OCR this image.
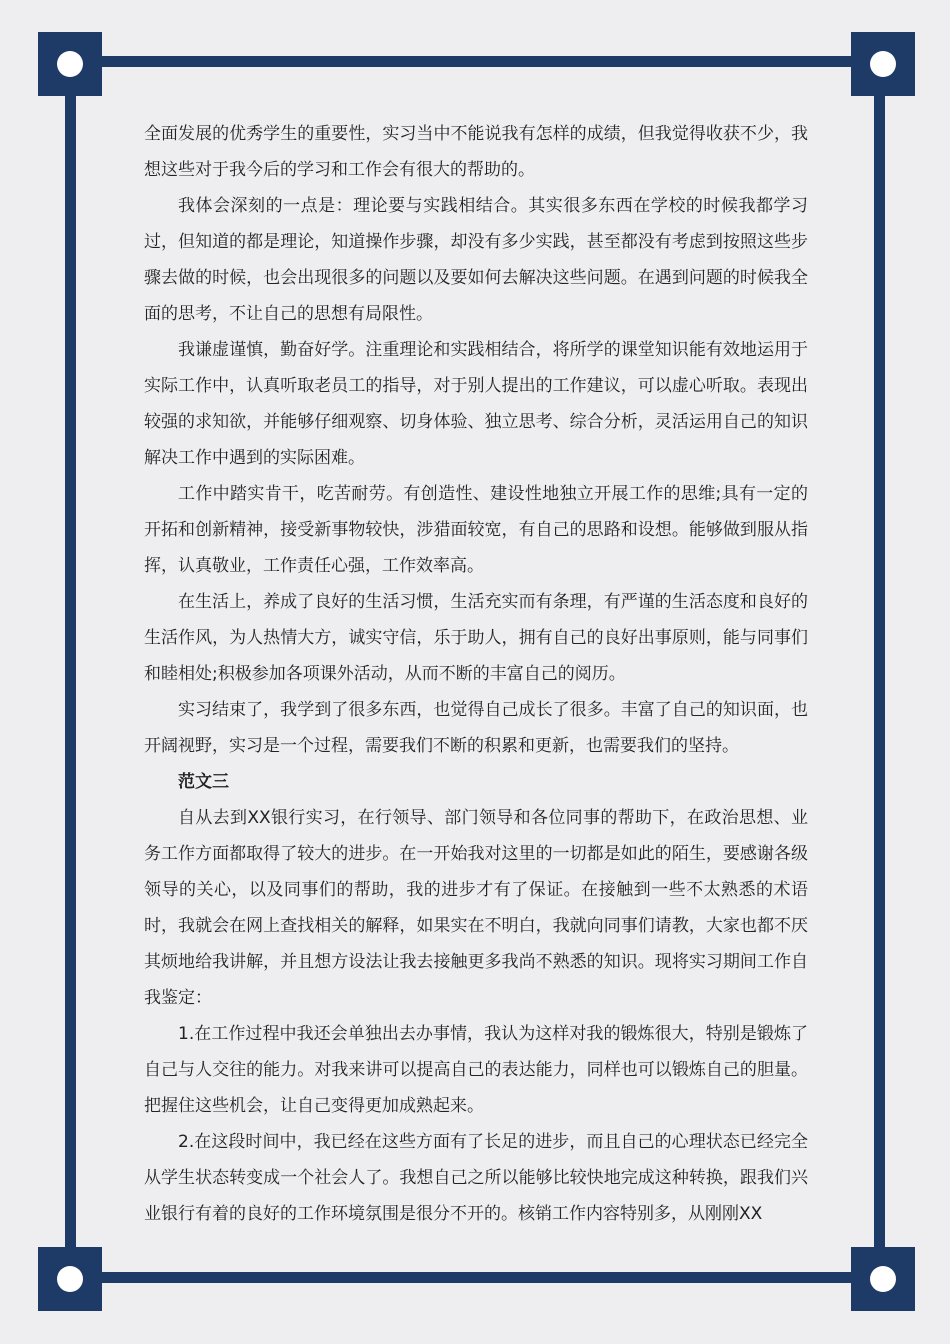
全面发展的优秀学生的重要性，实习当中不能说我有怎样的成绩，但我觉得收获不少，我想这些对于我今后的学习和工作会有很大的帮助的。

我体会深刻的一点是：理论要与实践相结合。其实很多东西在学校的时候我都学习过，但知道的都是理论，知道操作步骤，却没有多少实践，甚至都没有考虑到按照这些步骤去做的时候，也会出现很多的问题以及要如何去解决这些问题。在遇到问题的时候我全面的思考，不让自己的思想有局限性。

我谦虚谨慎，勤奋好学。注重理论和实践相结合，将所学的课堂知识能有效地运用于实际工作中，认真听取老员工的指导，对于别人提出的工作建议，可以虚心听取。表现出较强的求知欲，并能够仔细观察、切身体验、独立思考、综合分析，灵活运用自己的知识解决工作中遇到的实际困难。

工作中踏实肯干，吃苦耐劳。有创造性、建设性地独立开展工作的思维;具有一定的开拓和创新精神，接受新事物较快，涉猎面较宽，有自己的思路和设想。能够做到服从指挥，认真敬业，工作责任心强，工作效率高。

在生活上，养成了良好的生活习惯，生活充实而有条理，有严谨的生活态度和良好的生活作风，为人热情大方，诚实守信，乐于助人，拥有自己的良好出事原则，能与同事们和睦相处;积极参加各项课外活动，从而不断的丰富自己的阅历。

实习结束了，我学到了很多东西，也觉得自己成长了很多。丰富了自己的知识面，也开阔视野，实习是一个过程，需要我们不断的积累和更新，也需要我们的坚持。

范文三

自从去到XX银行实习，在行领导、部门领导和各位同事的帮助下，在政治思想、业务工作方面都取得了较大的进步。在一开始我对这里的一切都是如此的陌生，要感谢各级领导的关心，以及同事们的帮助，我的进步才有了保证。在接触到一些不太熟悉的术语时，我就会在网上查找相关的解释，如果实在不明白，我就向同事们请教，大家也都不厌其烦地给我讲解，并且想方设法让我去接触更多我尚不熟悉的知识。现将实习期间工作自我鉴定：

1.在工作过程中我还会单独出去办事情，我认为这样对我的锻炼很大，特别是锻炼了自己与人交往的能力。对我来讲可以提高自己的表达能力，同样也可以锻炼自己的胆量。把握住这些机会，让自己变得更加成熟起来。

2.在这段时间中，我已经在这些方面有了长足的进步，而且自己的心理状态已经完全从学生状态转变成一个社会人了。我想自己之所以能够比较快地完成这种转换，跟我们兴业银行有着的良好的工作环境氛围是很分不开的。核销工作内容特别多，从刚刚XX
